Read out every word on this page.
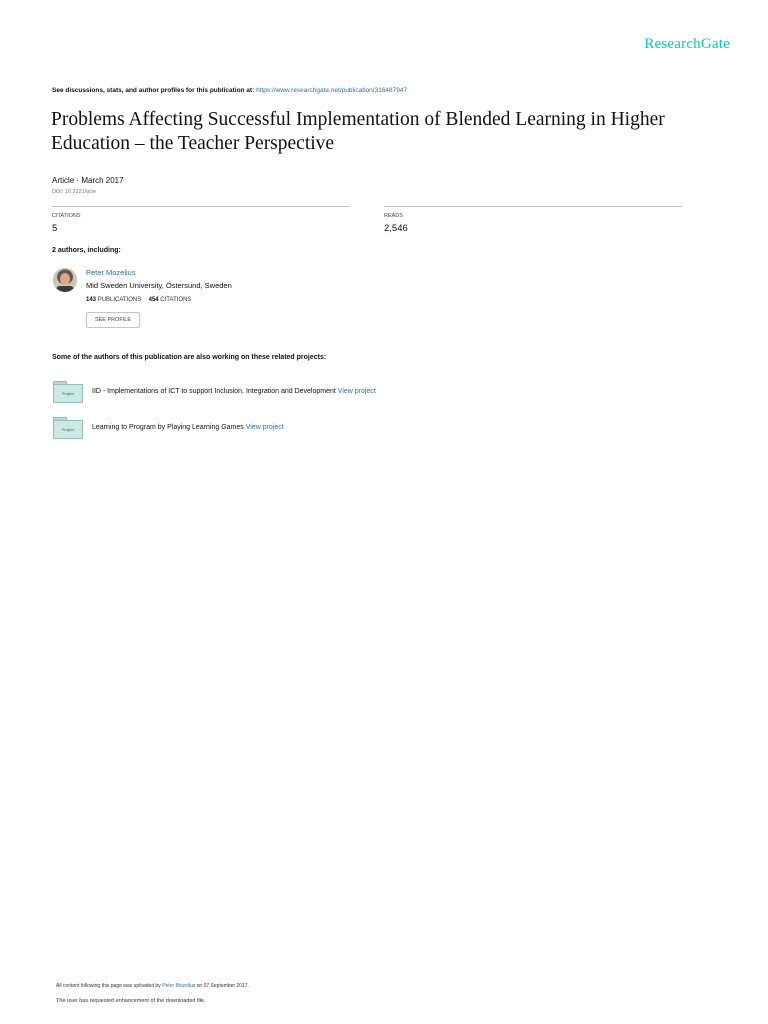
ResearchGate
See discussions, stats, and author profiles for this publication at: https://www.researchgate.net/publication/316487947
Problems Affecting Successful Implementation of Blended Learning in Higher Education – the Teacher Perspective
Article · March 2017
DOI: 10.2121/ijcte
CITATIONS
5
READS
2,546
2 authors, including:
Peter Mozelius
Mid Sweden University, Östersund, Sweden
143 PUBLICATIONS 454 CITATIONS
SEE PROFILE
Some of the authors of this publication are also working on these related projects:
Project	IID - Implementations of ICT to support Inclusion, Integration and Development View project
Project	Learning to Program by Playing Learning Games View project
All content following this page was uploaded by Peter Mozelius on 07 September 2017.
The user has requested enhancement of the downloaded file.
